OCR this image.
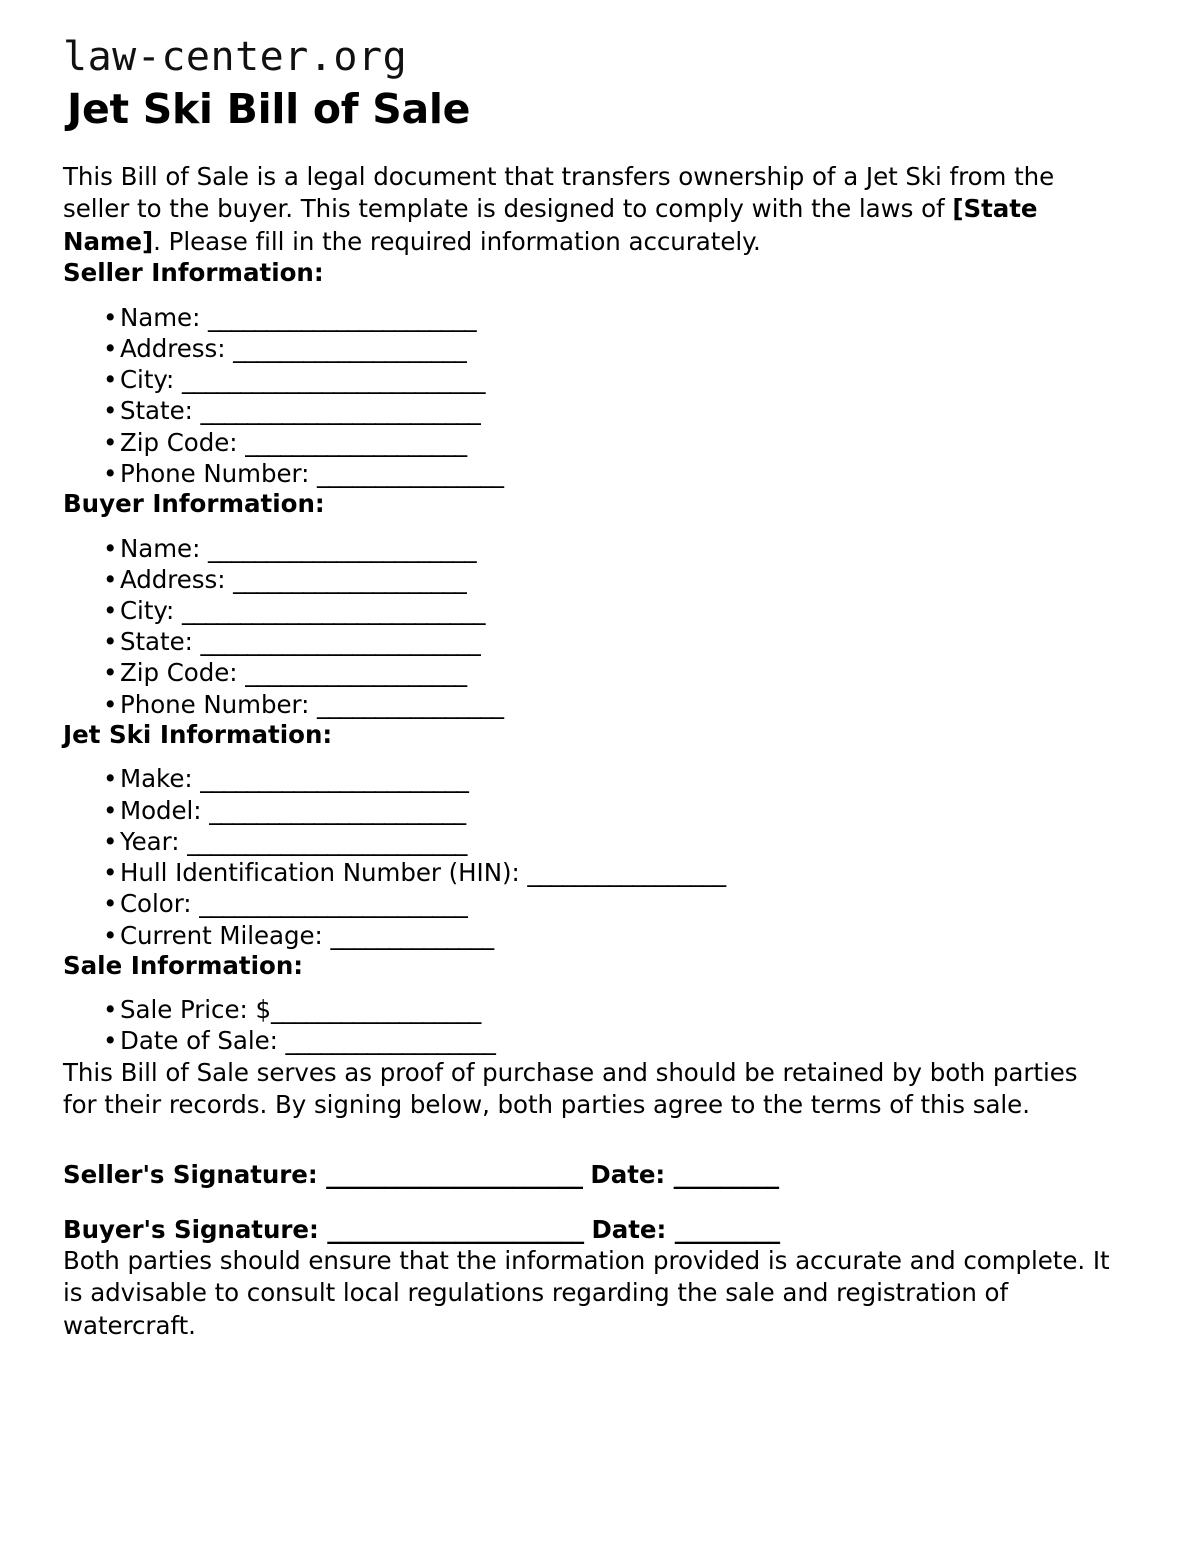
law-center.org
Jet Ski Bill of Sale

This Bill of Sale is a legal document that transfers ownership of a Jet Ski from the seller to the buyer. This template is designed to comply with the laws of [State Name]. Please fill in the required information accurately.

Seller Information:
• Name: _______________________
• Address: ____________________
• City: __________________________
• State: ________________________
• Zip Code: ___________________
• Phone Number: ________________
Buyer Information:
• Name: _______________________
• Address: ____________________
• City: __________________________
• State: ________________________
• Zip Code: ___________________
• Phone Number: ________________
Jet Ski Information:
• Make: _______________________
• Model: ______________________
• Year: ________________________
• Hull Identification Number (HIN): _________________
• Color: _______________________
• Current Mileage: ______________
Sale Information:
• Sale Price: $__________________
• Date of Sale: __________________

This Bill of Sale serves as proof of purchase and should be retained by both parties for their records. By signing below, both parties agree to the terms of this sale.

Seller's Signature: ______________________ Date: _________
Buyer's Signature: ______________________ Date: _________

Both parties should ensure that the information provided is accurate and complete. It is advisable to consult local regulations regarding the sale and registration of watercraft.
